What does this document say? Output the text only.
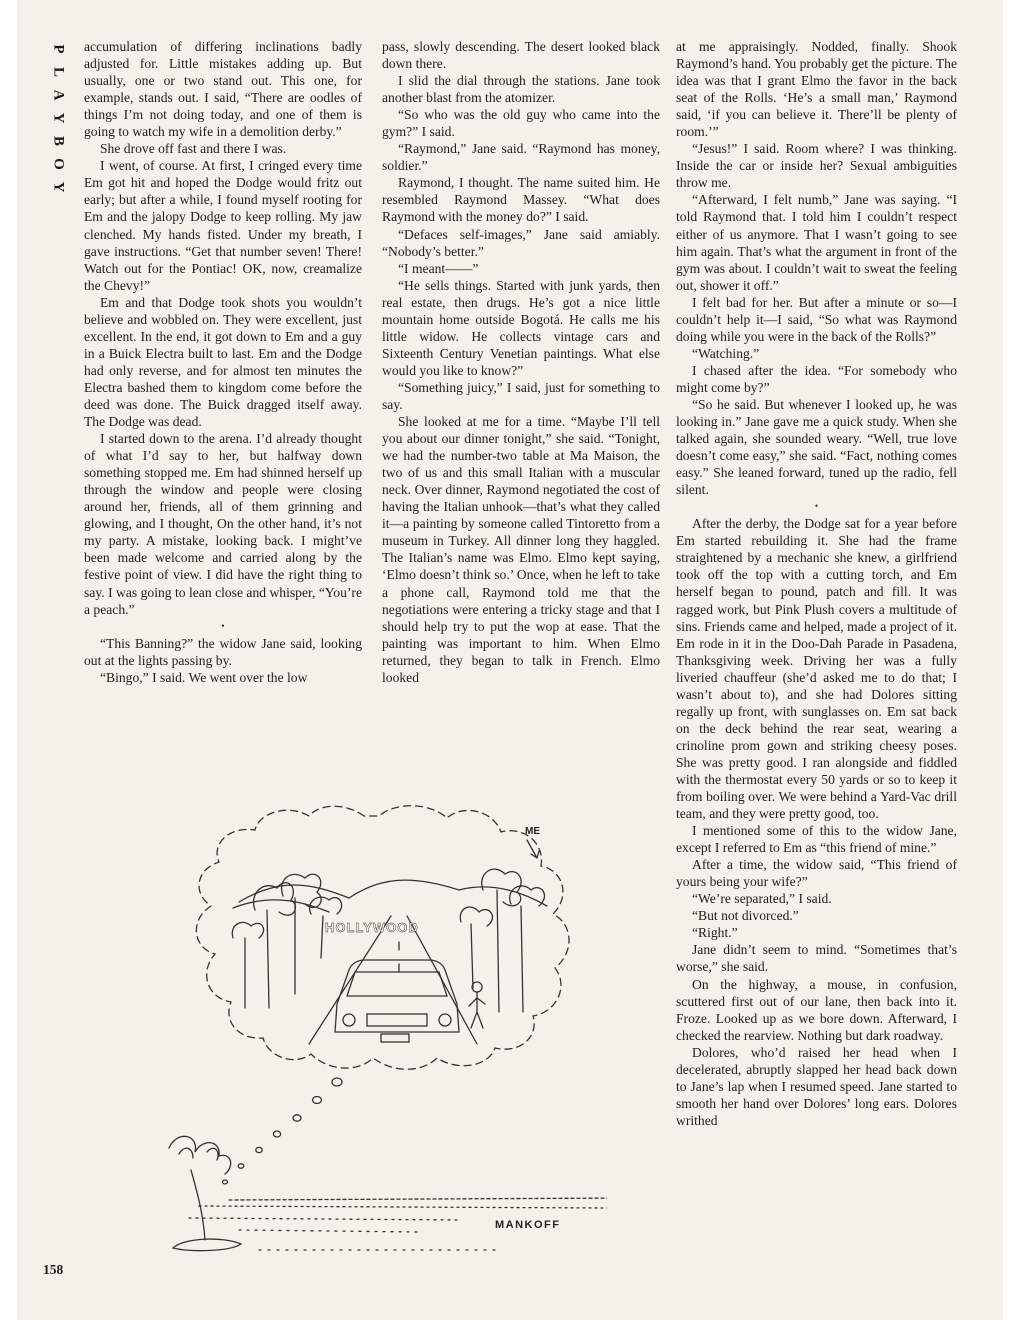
P
L
A
Y
B
O
Y

accumulation of differing inclinations badly adjusted for. Little mistakes adding up. But usually, one or two stand out. This one, for example, stands out. I said, “There are oodles of things I’m not doing today, and one of them is going to watch my wife in a demolition derby.”

She drove off fast and there I was.

I went, of course. At first, I cringed every time Em got hit and hoped the Dodge would fritz out early; but after a while, I found myself rooting for Em and the jalopy Dodge to keep rolling. My jaw clenched. My hands fisted. Under my breath, I gave instructions. “Get that number seven! There! Watch out for the Pontiac! OK, now, creamalize the Chevy!”

Em and that Dodge took shots you wouldn’t believe and wobbled on. They were excellent, just excellent. In the end, it got down to Em and a guy in a Buick Electra built to last. Em and the Dodge had only reverse, and for almost ten minutes the Electra bashed them to kingdom come before the deed was done. The Buick dragged itself away. The Dodge was dead.

I started down to the arena. I’d already thought of what I’d say to her, but halfway down something stopped me. Em had shinned herself up through the window and people were closing around her, friends, all of them grinning and glowing, and I thought, On the other hand, it’s not my party. A mistake, looking back. I might’ve been made welcome and carried along by the festive point of view. I did have the right thing to say. I was going to lean close and whisper, “You’re a peach.”

•

“This Banning?” the widow Jane said, looking out at the lights passing by.

“Bingo,” I said. We went over the low

pass, slowly descending. The desert looked black down there.

I slid the dial through the stations. Jane took another blast from the atomizer.

“So who was the old guy who came into the gym?” I said.

“Raymond,” Jane said. “Raymond has money, soldier.”

Raymond, I thought. The name suited him. He resembled Raymond Massey. “What does Raymond with the money do?” I said.

“Defaces self-images,” Jane said amiably. “Nobody’s better.”

“I meant——”

“He sells things. Started with junk yards, then real estate, then drugs. He’s got a nice little mountain home outside Bogotá. He calls me his little widow. He collects vintage cars and Sixteenth Century Venetian paintings. What else would you like to know?”

“Something juicy,” I said, just for something to say.

She looked at me for a time. “Maybe I’ll tell you about our dinner tonight,” she said. “Tonight, we had the number-two table at Ma Maison, the two of us and this small Italian with a muscular neck. Over dinner, Raymond negotiated the cost of having the Italian unhook—that’s what they called it—a painting by someone called Tintoretto from a museum in Turkey. All dinner long they haggled. The Italian’s name was Elmo. Elmo kept saying, ‘Elmo doesn’t think so.’ Once, when he left to take a phone call, Raymond told me that the negotiations were entering a tricky stage and that I should help try to put the wop at ease. That the painting was important to him. When Elmo returned, they began to talk in French. Elmo looked

at me appraisingly. Nodded, finally. Shook Raymond’s hand. You probably get the picture. The idea was that I grant Elmo the favor in the back seat of the Rolls. ‘He’s a small man,’ Raymond said, ‘if you can believe it. There’ll be plenty of room.’”

“Jesus!” I said. Room where? I was thinking. Inside the car or inside her? Sexual ambiguities throw me.

“Afterward, I felt numb,” Jane was saying. “I told Raymond that. I told him I couldn’t respect either of us anymore. That I wasn’t going to see him again. That’s what the argument in front of the gym was about. I couldn’t wait to sweat the feeling out, shower it off.”

I felt bad for her. But after a minute or so—I couldn’t help it—I said, “So what was Raymond doing while you were in the back of the Rolls?”

“Watching.”

I chased after the idea. “For somebody who might come by?”

“So he said. But whenever I looked up, he was looking in.” Jane gave me a quick study. When she talked again, she sounded weary. “Well, true love doesn’t come easy,” she said. “Fact, nothing comes easy.” She leaned forward, tuned up the radio, fell silent.

•

After the derby, the Dodge sat for a year before Em started rebuilding it. She had the frame straightened by a mechanic she knew, a girlfriend took off the top with a cutting torch, and Em herself began to pound, patch and fill. It was ragged work, but Pink Plush covers a multitude of sins. Friends came and helped, made a project of it. Em rode in it in the Doo-Dah Parade in Pasadena, Thanksgiving week. Driving her was a fully liveried chauffeur (she’d asked me to do that; I wasn’t about to), and she had Dolores sitting regally up front, with sunglasses on. Em sat back on the deck behind the rear seat, wearing a crinoline prom gown and striking cheesy poses. She was pretty good. I ran alongside and fiddled with the thermostat every 50 yards or so to keep it from boiling over. We were behind a Yard-Vac drill team, and they were pretty good, too.

I mentioned some of this to the widow Jane, except I referred to Em as “this friend of mine.”

After a time, the widow said, “This friend of yours being your wife?”

“We’re separated,” I said.

“But not divorced.”

“Right.”

Jane didn’t seem to mind. “Sometimes that’s worse,” she said.

On the highway, a mouse, in confusion, scuttered first out of our lane, then back into it. Froze. Looked up as we bore down. Afterward, I checked the rearview. Nothing but dark roadway.

Dolores, who’d raised her head when I decelerated, abruptly slapped her head back down to Jane’s lap when I resumed speed. Jane started to smooth her hand over Dolores’ long ears. Dolores writhed

HOLLYWOOD
ME
MANKOFF
158
